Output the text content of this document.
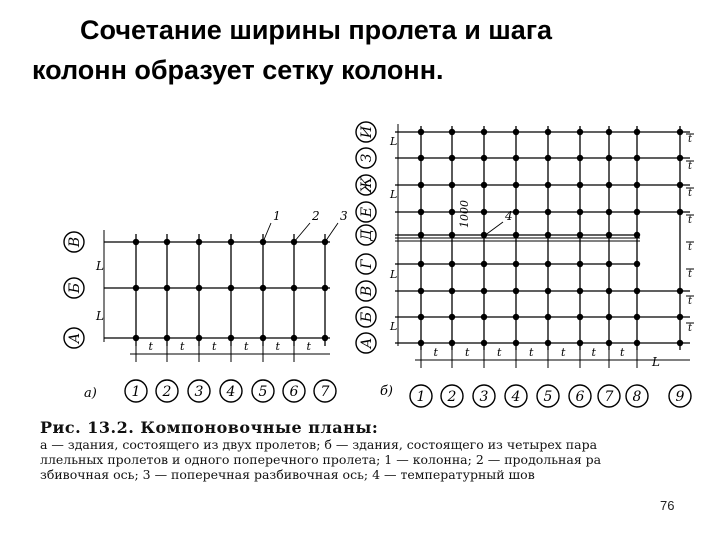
Сочетание ширины пролета и шага
колонн образует сетку колонн.
В
Б
А
L
L
t t	t	t t t
1 2 3 4 5 6 7
а)
1	2 3
И
З
Ж
Е
Д
Г
В
Б
А
L
L
L
L
t
t
t
t
t
t
t
t
1000	4
t t	t	t	t t t
L
1 2 3 4 5 6 7 8 9
б)
Рис. 13.2. Компоновочные планы:
а — здания, состоящего из двух пролетов; б — здания, состоящего из четырех пара
ллельных пролетов и одного поперечного пролета; 1 — колонна; 2 — продольная ра
збивочная ось; 3 — поперечная разбивочная ось; 4 — температурный шов
76
